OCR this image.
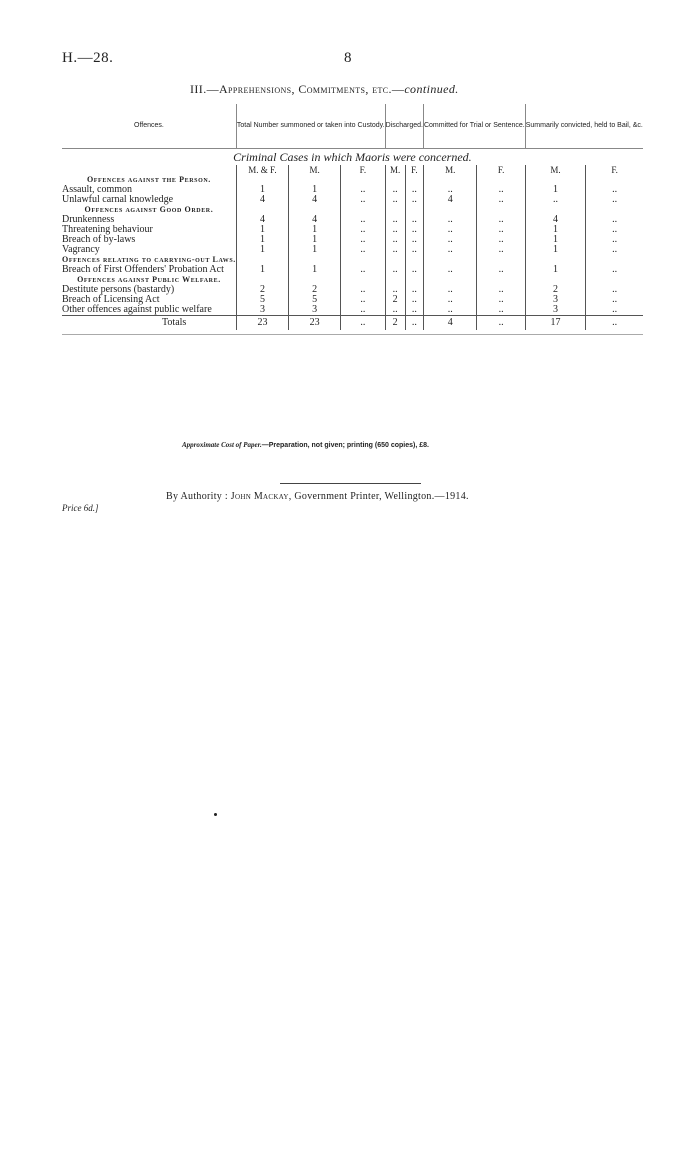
H.—28.	8
III.—Apprehensions, Commitments, etc.—continued.
Offences.	Total Number summoned or taken into Custody.			Discharged.		Committed for Trial or Sentence.		Summarily convicted, held to Bail, &c.	
Criminal Cases in which Maoris were concerned.									
	M. & F.	M.	F.	M.	F.	M.	F.	M.	F.
Offences against the Person.									
Assault, common	1	1	..	..	..	..	..	1	..
Unlawful carnal knowledge	4	4	..	..	..	4	..	..	..
Offences against Good Order.									
Drunkenness	4	4	..	..	..	..	..	4	..
Threatening behaviour	1	1	..	..	..	..	..	1	..
Breach of by-laws	1	1	..	..	..	..	..	1	..
Vagrancy	1	1	..	..	..	..	..	1	..
Offences relating to carrying-out Laws.									
Breach of First Offenders' Probation Act	1	1	..	..	..	..	..	1	..
Offences against Public Welfare.									
Destitute persons (bastardy)	2	2	..	..	..	..	..	2	..
Breach of Licensing Act	5	5	..	2	..	..	..	3	..
Other offences against public welfare	3	3	..	..	..	..	..	3	..
Totals	23	23	..	2	..	4	..	17	..

Approximate Cost of Paper.—Preparation, not given; printing (650 copies), £8.
By Authority : John Mackay, Government Printer, Wellington.—1914.
Price 6d.]
